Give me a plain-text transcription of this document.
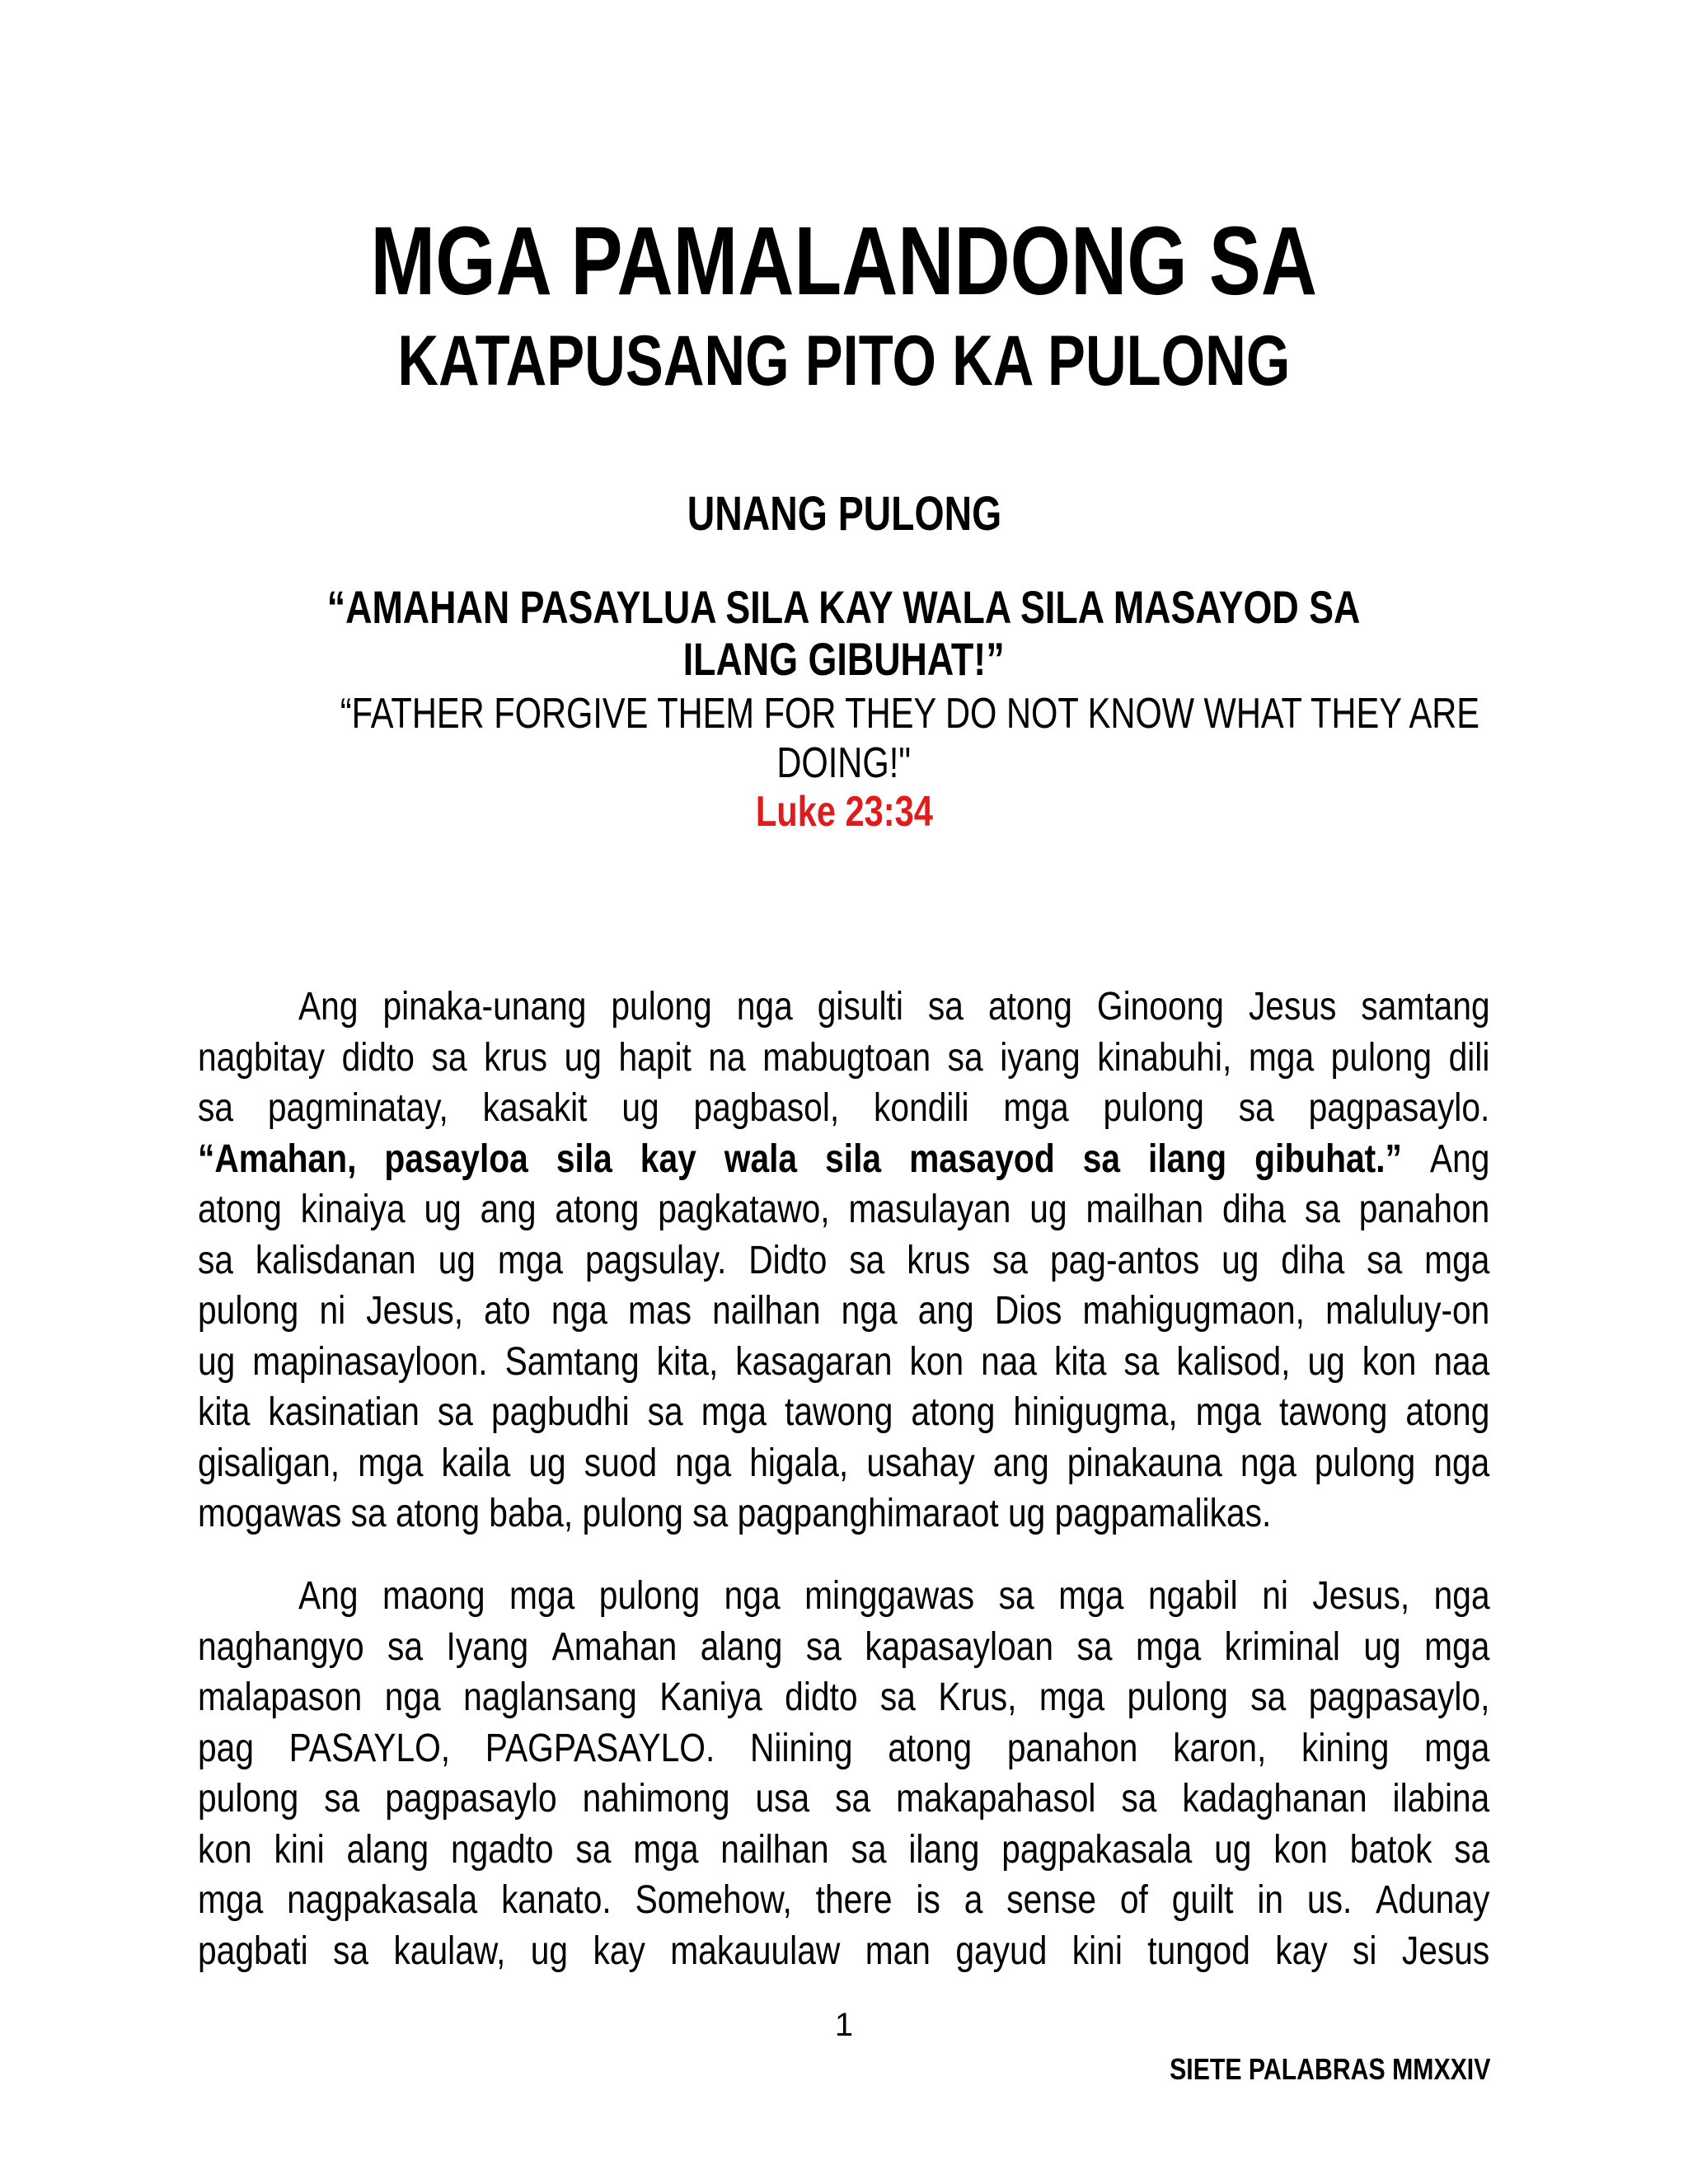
MGA PAMALANDONG SA
KATAPUSANG PITO KA PULONG
UNANG PULONG
“AMAHAN PASAYLUA SILA KAY WALA SILA MASAYOD SA
ILANG GIBUHAT!”
“FATHER FORGIVE THEM FOR THEY DO NOT KNOW WHAT THEY ARE
DOING!"
Luke 23:34
Ang pinaka-unang pulong nga gisulti sa atong Ginoong Jesus samtang
nagbitay didto sa krus ug hapit na mabugtoan sa iyang kinabuhi, mga pulong dili
sa pagminatay, kasakit ug pagbasol, kondili mga pulong sa pagpasaylo.
“Amahan, pasayloa sila kay wala sila masayod sa ilang gibuhat.” Ang
atong kinaiya ug ang atong pagkatawo, masulayan ug mailhan diha sa panahon
sa kalisdanan ug mga pagsulay. Didto sa krus sa pag-antos ug diha sa mga
pulong ni Jesus, ato nga mas nailhan nga ang Dios mahigugmaon, maluluy-on
ug mapinasayloon. Samtang kita, kasagaran kon naa kita sa kalisod, ug kon naa
kita kasinatian sa pagbudhi sa mga tawong atong hinigugma, mga tawong atong
gisaligan, mga kaila ug suod nga higala, usahay ang pinakauna nga pulong nga
mogawas sa atong baba, pulong sa pagpanghimaraot ug pagpamalikas.
Ang maong mga pulong nga minggawas sa mga ngabil ni Jesus, nga
naghangyo sa Iyang Amahan alang sa kapasayloan sa mga kriminal ug mga
malapason nga naglansang Kaniya didto sa Krus, mga pulong sa pagpasaylo,
pag PASAYLO, PAGPASAYLO. Niining atong panahon karon, kining mga
pulong sa pagpasaylo nahimong usa sa makapahasol sa kadaghanan ilabina
kon kini alang ngadto sa mga nailhan sa ilang pagpakasala ug kon batok sa
mga nagpakasala kanato. Somehow, there is a sense of guilt in us. Adunay
pagbati sa kaulaw, ug kay makauulaw man gayud kini tungod kay si Jesus
1
SIETE PALABRAS MMXXIV
